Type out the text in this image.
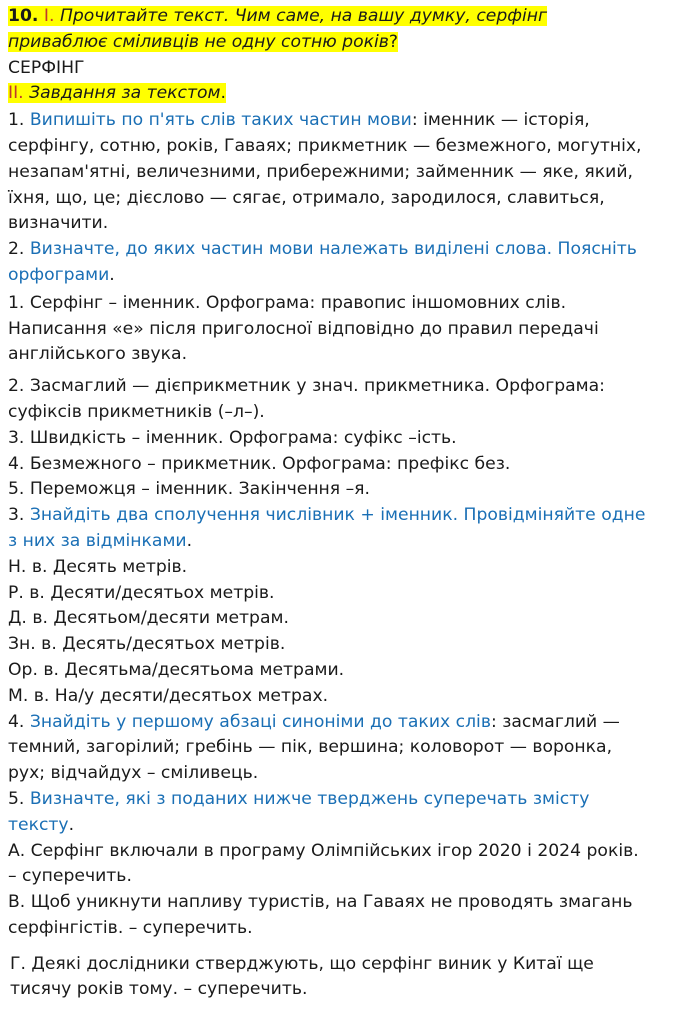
10. І. Прочитайте текст. Чим саме, на вашу думку, серфінг
приваблює сміливців не одну сотню років?
СЕРФІНГ
ІІ. Завдання за текстом.
1. Випишіть по п'ять слів таких частин мови: іменник — історія,
серфінгу, сотню, років, Гаваях; прикметник — безмежного, могутніх,
незапам'ятні, величезними, прибережними; займенник — яке, який,
їхня, що, це; дієслово — сягає, отримало, зародилося, славиться,
визначити.
2. Визначте, до яких частин мови належать виділені слова. Поясніть
орфограми.
1. Серфінг – іменник. Орфограма: правопис іншомовних слів.
Написання «е» після приголосної відповідно до правил передачі
англійського звука.
2. Засмаглий — дієприкметник у знач. прикметника. Орфограма:
суфіксів прикметників (–л–).
3. Швидкість – іменник. Орфограма: суфікс –ість.
4. Безмежного – прикметник. Орфограма: префікс без.
5. Переможця – іменник. Закінчення –я.
3. Знайдіть два сполучення числівник + іменник. Провідміняйте одне
з них за відмінками.
Н. в. Десять метрів.
Р. в. Десяти/десятьох метрів.
Д. в. Десятьом/десяти метрам.
Зн. в. Десять/десятьох метрів.
Ор. в. Десятьма/десятьома метрами.
М. в. На/у десяти/десятьох метрах.
4. Знайдіть у першому абзаці синоніми до таких слів: засмаглий —
темний, загорілий; гребінь — пік, вершина; коловорот — воронка,
рух; відчайдух – сміливець.
5. Визначте, які з поданих нижче тверджень суперечать змісту
тексту.
А. Серфінг включали в програму Олімпійських ігор 2020 і 2024 років.
– суперечить.
В. Щоб уникнути напливу туристів, на Гаваях не проводять змагань
серфінгістів. – суперечить.
Г. Деякі дослідники стверджують, що серфінг виник у Китаї ще
тисячу років тому. – суперечить.
